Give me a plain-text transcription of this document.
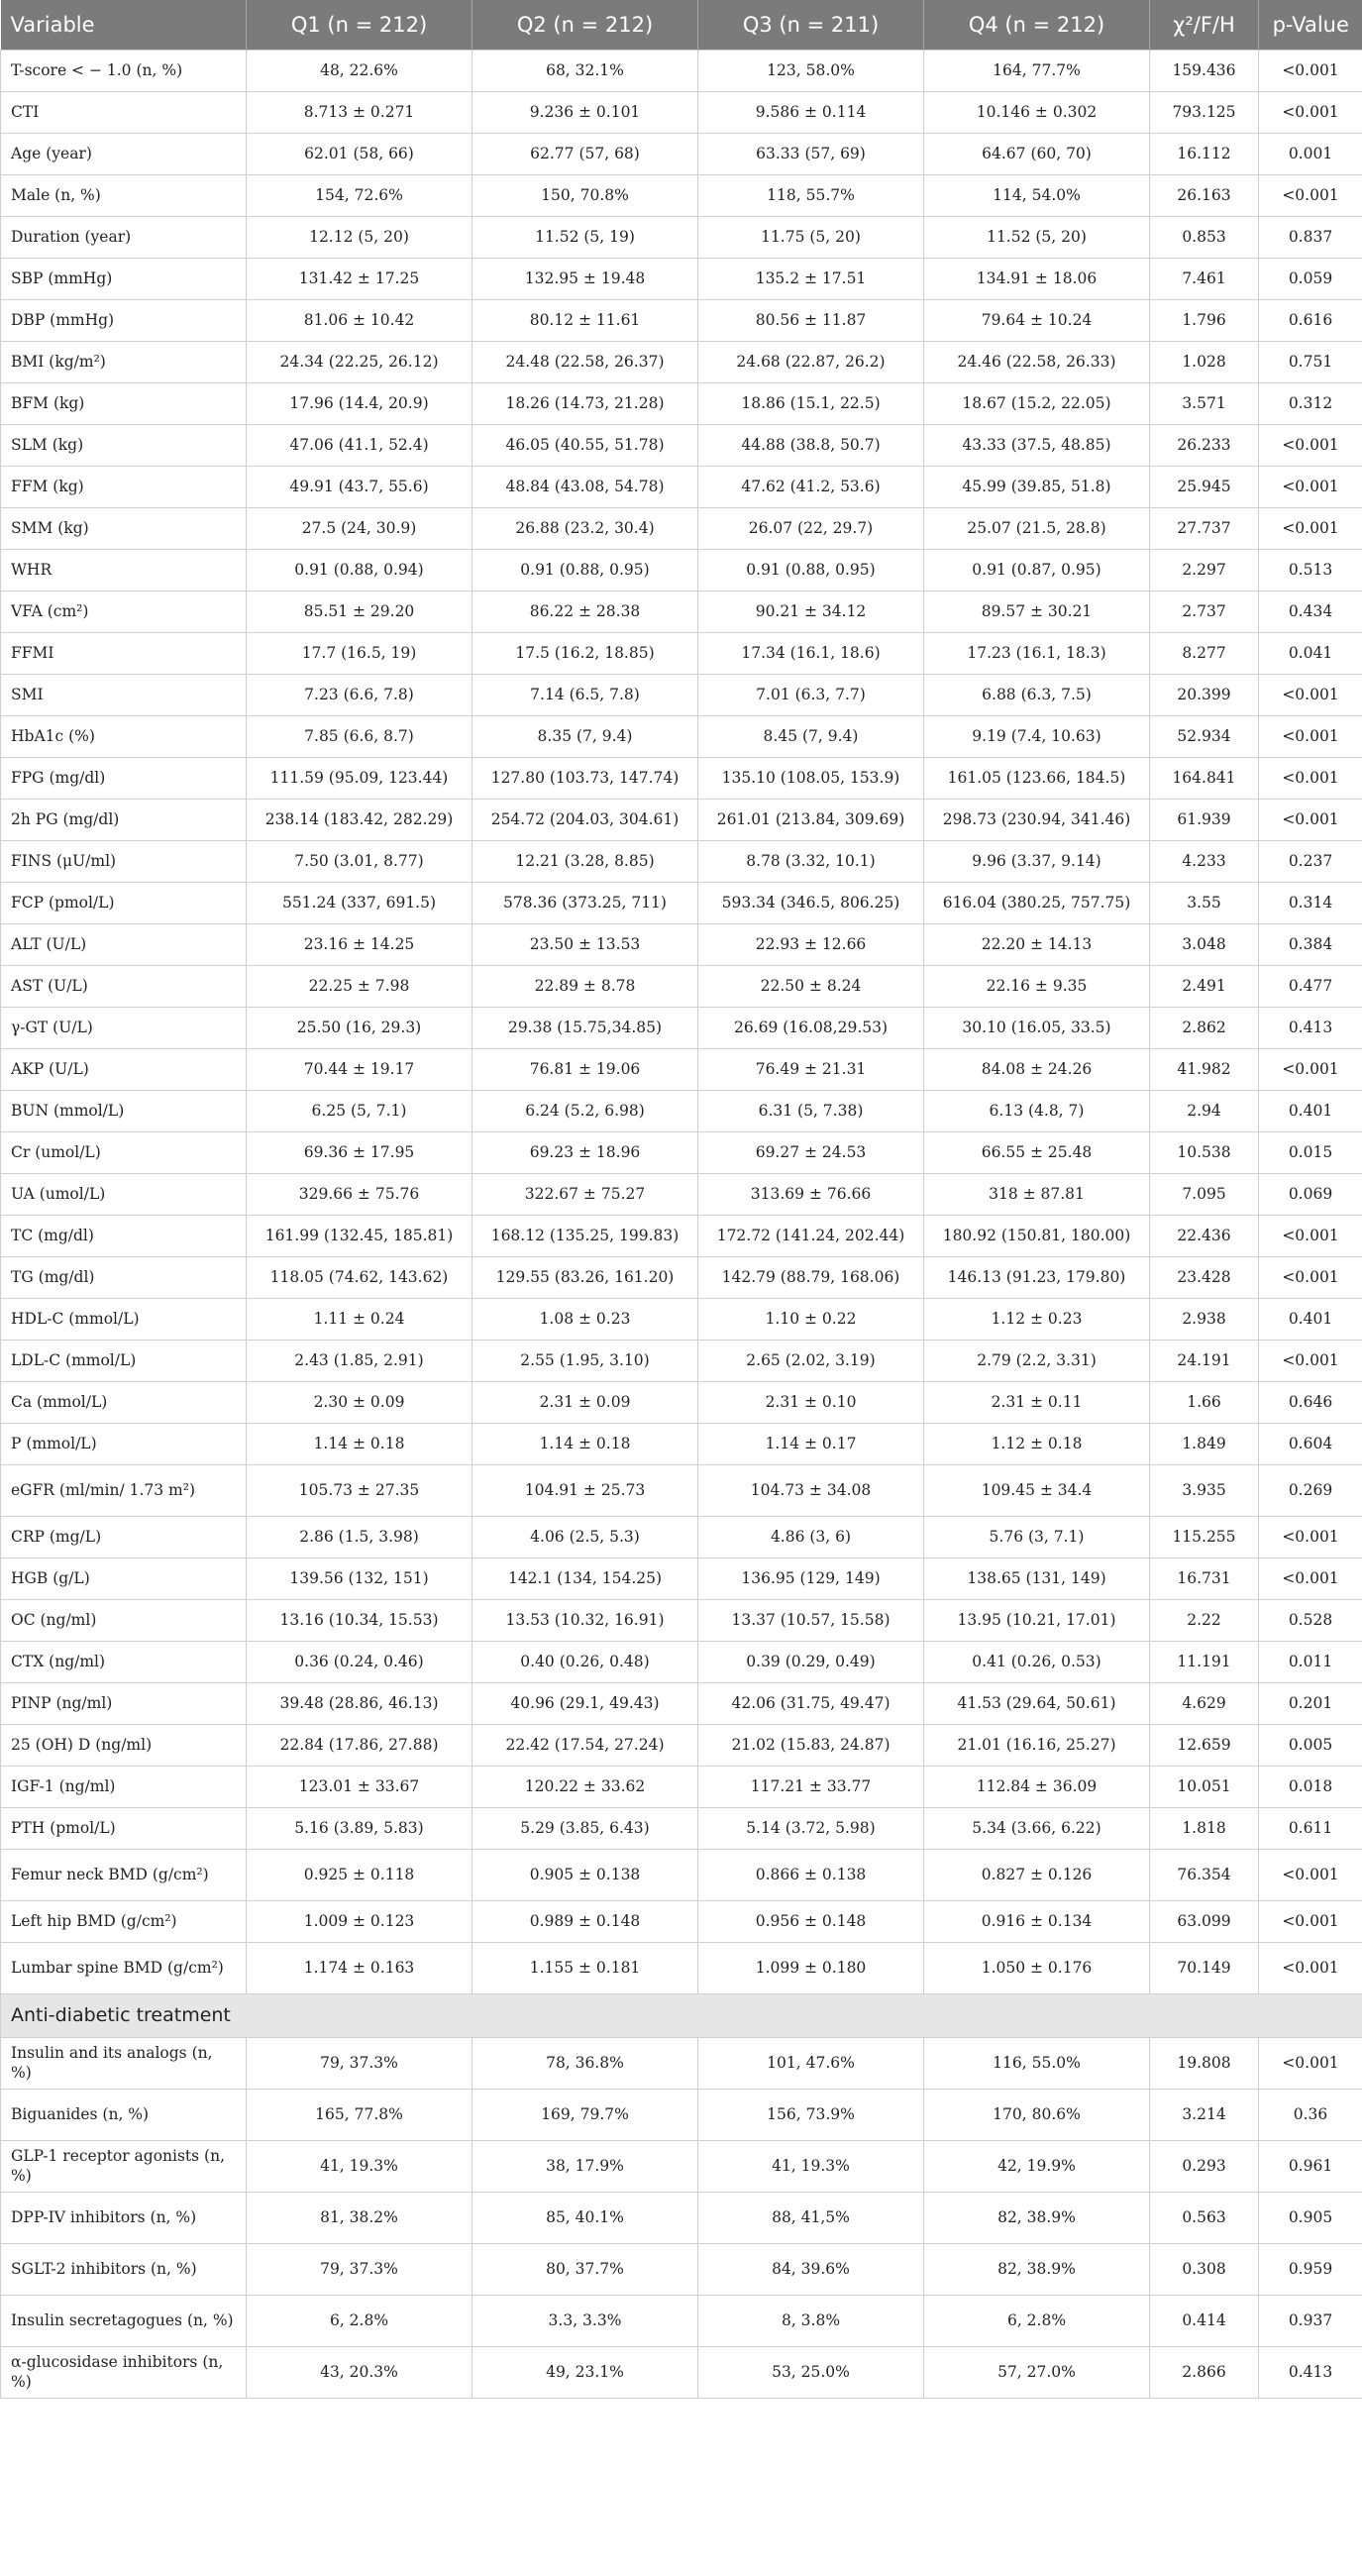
Variable	Q1 (n = 212)	Q2 (n = 212)	Q3 (n = 211)	Q4 (n = 212)	χ²/F/H	p-Value
T-score < − 1.0 (n, %)	48, 22.6%	68, 32.1%	123, 58.0%	164, 77.7%	159.436	<0.001
CTI	8.713 ± 0.271	9.236 ± 0.101	9.586 ± 0.114	10.146 ± 0.302	793.125	<0.001
Age (year)	62.01 (58, 66)	62.77 (57, 68)	63.33 (57, 69)	64.67 (60, 70)	16.112	0.001
Male (n, %)	154, 72.6%	150, 70.8%	118, 55.7%	114, 54.0%	26.163	<0.001
Duration (year)	12.12 (5, 20)	11.52 (5, 19)	11.75 (5, 20)	11.52 (5, 20)	0.853	0.837
SBP (mmHg)	131.42 ± 17.25	132.95 ± 19.48	135.2 ± 17.51	134.91 ± 18.06	7.461	0.059
DBP (mmHg)	81.06 ± 10.42	80.12 ± 11.61	80.56 ± 11.87	79.64 ± 10.24	1.796	0.616
BMI (kg/m²)	24.34 (22.25, 26.12)	24.48 (22.58, 26.37)	24.68 (22.87, 26.2)	24.46 (22.58, 26.33)	1.028	0.751
BFM (kg)	17.96 (14.4, 20.9)	18.26 (14.73, 21.28)	18.86 (15.1, 22.5)	18.67 (15.2, 22.05)	3.571	0.312
SLM (kg)	47.06 (41.1, 52.4)	46.05 (40.55, 51.78)	44.88 (38.8, 50.7)	43.33 (37.5, 48.85)	26.233	<0.001
FFM (kg)	49.91 (43.7, 55.6)	48.84 (43.08, 54.78)	47.62 (41.2, 53.6)	45.99 (39.85, 51.8)	25.945	<0.001
SMM (kg)	27.5 (24, 30.9)	26.88 (23.2, 30.4)	26.07 (22, 29.7)	25.07 (21.5, 28.8)	27.737	<0.001
WHR	0.91 (0.88, 0.94)	0.91 (0.88, 0.95)	0.91 (0.88, 0.95)	0.91 (0.87, 0.95)	2.297	0.513
VFA (cm²)	85.51 ± 29.20	86.22 ± 28.38	90.21 ± 34.12	89.57 ± 30.21	2.737	0.434
FFMI	17.7 (16.5, 19)	17.5 (16.2, 18.85)	17.34 (16.1, 18.6)	17.23 (16.1, 18.3)	8.277	0.041
SMI	7.23 (6.6, 7.8)	7.14 (6.5, 7.8)	7.01 (6.3, 7.7)	6.88 (6.3, 7.5)	20.399	<0.001
HbA1c (%)	7.85 (6.6, 8.7)	8.35 (7, 9.4)	8.45 (7, 9.4)	9.19 (7.4, 10.63)	52.934	<0.001
FPG (mg/dl)	111.59 (95.09, 123.44)	127.80 (103.73, 147.74)	135.10 (108.05, 153.9)	161.05 (123.66, 184.5)	164.841	<0.001
2h PG (mg/dl)	238.14 (183.42, 282.29)	254.72 (204.03, 304.61)	261.01 (213.84, 309.69)	298.73 (230.94, 341.46)	61.939	<0.001
FINS (μU/ml)	7.50 (3.01, 8.77)	12.21 (3.28, 8.85)	8.78 (3.32, 10.1)	9.96 (3.37, 9.14)	4.233	0.237
FCP (pmol/L)	551.24 (337, 691.5)	578.36 (373.25, 711)	593.34 (346.5, 806.25)	616.04 (380.25, 757.75)	3.55	0.314
ALT (U/L)	23.16 ± 14.25	23.50 ± 13.53	22.93 ± 12.66	22.20 ± 14.13	3.048	0.384
AST (U/L)	22.25 ± 7.98	22.89 ± 8.78	22.50 ± 8.24	22.16 ± 9.35	2.491	0.477
γ-GT (U/L)	25.50 (16, 29.3)	29.38 (15.75,34.85)	26.69 (16.08,29.53)	30.10 (16.05, 33.5)	2.862	0.413
AKP (U/L)	70.44 ± 19.17	76.81 ± 19.06	76.49 ± 21.31	84.08 ± 24.26	41.982	<0.001
BUN (mmol/L)	6.25 (5, 7.1)	6.24 (5.2, 6.98)	6.31 (5, 7.38)	6.13 (4.8, 7)	2.94	0.401
Cr (umol/L)	69.36 ± 17.95	69.23 ± 18.96	69.27 ± 24.53	66.55 ± 25.48	10.538	0.015
UA (umol/L)	329.66 ± 75.76	322.67 ± 75.27	313.69 ± 76.66	318 ± 87.81	7.095	0.069
TC (mg/dl)	161.99 (132.45, 185.81)	168.12 (135.25, 199.83)	172.72 (141.24, 202.44)	180.92 (150.81, 180.00)	22.436	<0.001
TG (mg/dl)	118.05 (74.62, 143.62)	129.55 (83.26, 161.20)	142.79 (88.79, 168.06)	146.13 (91.23, 179.80)	23.428	<0.001
HDL-C (mmol/L)	1.11 ± 0.24	1.08 ± 0.23	1.10 ± 0.22	1.12 ± 0.23	2.938	0.401
LDL-C (mmol/L)	2.43 (1.85, 2.91)	2.55 (1.95, 3.10)	2.65 (2.02, 3.19)	2.79 (2.2, 3.31)	24.191	<0.001
Ca (mmol/L)	2.30 ± 0.09	2.31 ± 0.09	2.31 ± 0.10	2.31 ± 0.11	1.66	0.646
P (mmol/L)	1.14 ± 0.18	1.14 ± 0.18	1.14 ± 0.17	1.12 ± 0.18	1.849	0.604
eGFR (ml/min/ 1.73 m²)	105.73 ± 27.35	104.91 ± 25.73	104.73 ± 34.08	109.45 ± 34.4	3.935	0.269
CRP (mg/L)	2.86 (1.5, 3.98)	4.06 (2.5, 5.3)	4.86 (3, 6)	5.76 (3, 7.1)	115.255	<0.001
HGB (g/L)	139.56 (132, 151)	142.1 (134, 154.25)	136.95 (129, 149)	138.65 (131, 149)	16.731	<0.001
OC (ng/ml)	13.16 (10.34, 15.53)	13.53 (10.32, 16.91)	13.37 (10.57, 15.58)	13.95 (10.21, 17.01)	2.22	0.528
CTX (ng/ml)	0.36 (0.24, 0.46)	0.40 (0.26, 0.48)	0.39 (0.29, 0.49)	0.41 (0.26, 0.53)	11.191	0.011
PINP (ng/ml)	39.48 (28.86, 46.13)	40.96 (29.1, 49.43)	42.06 (31.75, 49.47)	41.53 (29.64, 50.61)	4.629	0.201
25 (OH) D (ng/ml)	22.84 (17.86, 27.88)	22.42 (17.54, 27.24)	21.02 (15.83, 24.87)	21.01 (16.16, 25.27)	12.659	0.005
IGF-1 (ng/ml)	123.01 ± 33.67	120.22 ± 33.62	117.21 ± 33.77	112.84 ± 36.09	10.051	0.018
PTH (pmol/L)	5.16 (3.89, 5.83)	5.29 (3.85, 6.43)	5.14 (3.72, 5.98)	5.34 (3.66, 6.22)	1.818	0.611
Femur neck BMD (g/cm²)	0.925 ± 0.118	0.905 ± 0.138	0.866 ± 0.138	0.827 ± 0.126	76.354	<0.001
Left hip BMD (g/cm²)	1.009 ± 0.123	0.989 ± 0.148	0.956 ± 0.148	0.916 ± 0.134	63.099	<0.001
Lumbar spine BMD (g/cm²)	1.174 ± 0.163	1.155 ± 0.181	1.099 ± 0.180	1.050 ± 0.176	70.149	<0.001
Anti-diabetic treatment						
Insulin and its analogs (n, %)	79, 37.3%	78, 36.8%	101, 47.6%	116, 55.0%	19.808	<0.001
Biguanides (n, %)	165, 77.8%	169, 79.7%	156, 73.9%	170, 80.6%	3.214	0.36
GLP-1 receptor agonists (n, %)	41, 19.3%	38, 17.9%	41, 19.3%	42, 19.9%	0.293	0.961
DPP-IV inhibitors (n, %)	81, 38.2%	85, 40.1%	88, 41,5%	82, 38.9%	0.563	0.905
SGLT-2 inhibitors (n, %)	79, 37.3%	80, 37.7%	84, 39.6%	82, 38.9%	0.308	0.959
Insulin secretagogues (n, %)	6, 2.8%	3.3, 3.3%	8, 3.8%	6, 2.8%	0.414	0.937
α-glucosidase inhibitors (n, %)	43, 20.3%	49, 23.1%	53, 25.0%	57, 27.0%	2.866	0.413
